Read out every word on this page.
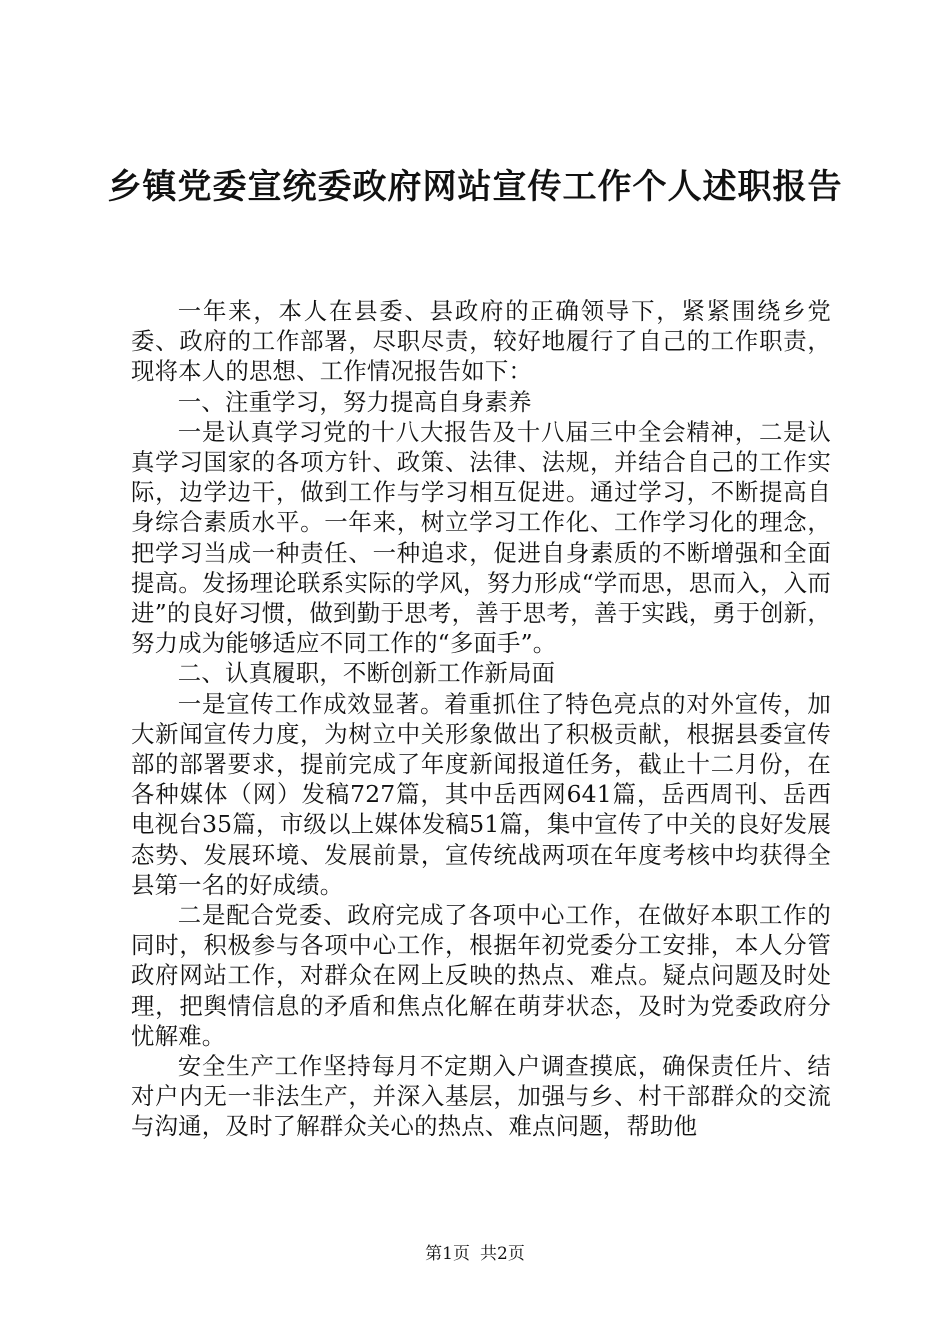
乡镇党委宣统委政府网站宣传工作个人述职报告

一年来，本人在县委、县政府的正确领导下，紧紧围绕乡党委、政府的工作部署，尽职尽责，较好地履行了自己的工作职责，现将本人的思想、工作情况报告如下：

一、注重学习，努力提高自身素养

一是认真学习党的十八大报告及十八届三中全会精神，二是认真学习国家的各项方针、政策、法律、法规，并结合自己的工作实际，边学边干，做到工作与学习相互促进。通过学习，不断提高自身综合素质水平。一年来，树立学习工作化、工作学习化的理念，把学习当成一种责任、一种追求，促进自身素质的不断增强和全面提高。发扬理论联系实际的学风，努力形成“学而思，思而入，入而进”的良好习惯，做到勤于思考，善于思考，善于实践，勇于创新，努力成为能够适应不同工作的“多面手”。

二、认真履职，不断创新工作新局面

一是宣传工作成效显著。着重抓住了特色亮点的对外宣传，加大新闻宣传力度，为树立中关形象做出了积极贡献，根据县委宣传部的部署要求，提前完成了年度新闻报道任务，截止十二月份，在各种媒体（网）发稿727篇，其中岳西网641篇，岳西周刊、岳西电视台35篇，市级以上媒体发稿51篇，集中宣传了中关的良好发展态势、发展环境、发展前景，宣传统战两项在年度考核中均获得全县第一名的好成绩。

二是配合党委、政府完成了各项中心工作，在做好本职工作的同时，积极参与各项中心工作，根据年初党委分工安排，本人分管政府网站工作，对群众在网上反映的热点、难点。疑点问题及时处理，把舆情信息的矛盾和焦点化解在萌芽状态，及时为党委政府分忧解难。

安全生产工作坚持每月不定期入户调查摸底，确保责任片、结对户内无一非法生产，并深入基层，加强与乡、村干部群众的交流与沟通，及时了解群众关心的热点、难点问题，帮助他

第1页 共2页
